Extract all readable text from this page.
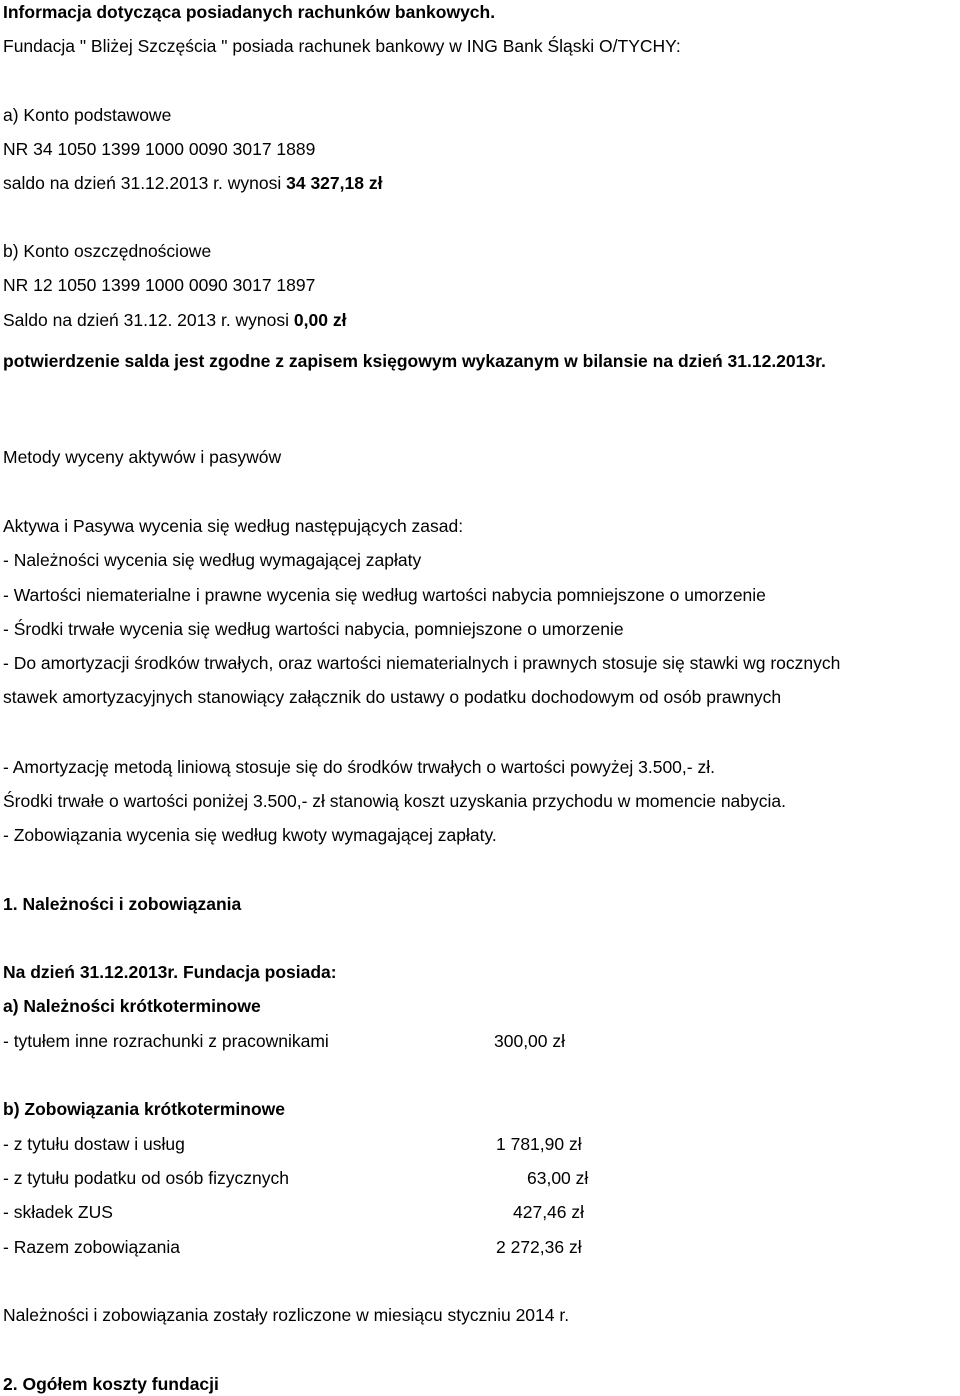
Informacja dotycząca posiadanych rachunków bankowych.
Fundacja " Bliżej Szczęścia " posiada rachunek bankowy w ING Bank Śląski O/TYCHY:
a) Konto podstawowe
NR 34 1050 1399 1000 0090 3017 1889
saldo na dzień 31.12.2013 r. wynosi 34 327,18 zł
b) Konto oszczędnościowe
NR 12 1050 1399 1000 0090 3017 1897
Saldo na dzień 31.12. 2013 r. wynosi 0,00 zł
potwierdzenie salda jest zgodne z zapisem księgowym wykazanym w bilansie na dzień 31.12.2013r.
Metody wyceny aktywów i pasywów
Aktywa i Pasywa wycenia się według następujących zasad:
- Należności wycenia się według wymagającej zapłaty
- Wartości niematerialne i prawne wycenia się według wartości nabycia pomniejszone o umorzenie
- Środki trwałe wycenia się według wartości nabycia, pomniejszone o umorzenie
- Do amortyzacji środków trwałych, oraz wartości niematerialnych i prawnych stosuje się stawki wg rocznych
stawek amortyzacyjnych stanowiący załącznik do ustawy o podatku dochodowym od osób prawnych
- Amortyzację metodą liniową stosuje się do środków trwałych o wartości powyżej 3.500,- zł.
Środki trwałe o wartości poniżej 3.500,- zł stanowią koszt uzyskania przychodu w momencie nabycia.
- Zobowiązania wycenia się według kwoty wymagającej zapłaty.
1. Należności i zobowiązania
Na dzień 31.12.2013r. Fundacja posiada:
a) Należności krótkoterminowe
- tytułem inne rozrachunki z pracownikami	300,00 zł
b) Zobowiązania krótkoterminowe
- z tytułu dostaw i usług	1 781,90 zł
- z tytułu podatku od osób fizycznych	63,00 zł
- składek ZUS	427,46 zł
- Razem zobowiązania	2 272,36 zł
Należności i zobowiązania zostały rozliczone w miesiącu styczniu 2014 r.
2. Ogółem koszty fundacji
